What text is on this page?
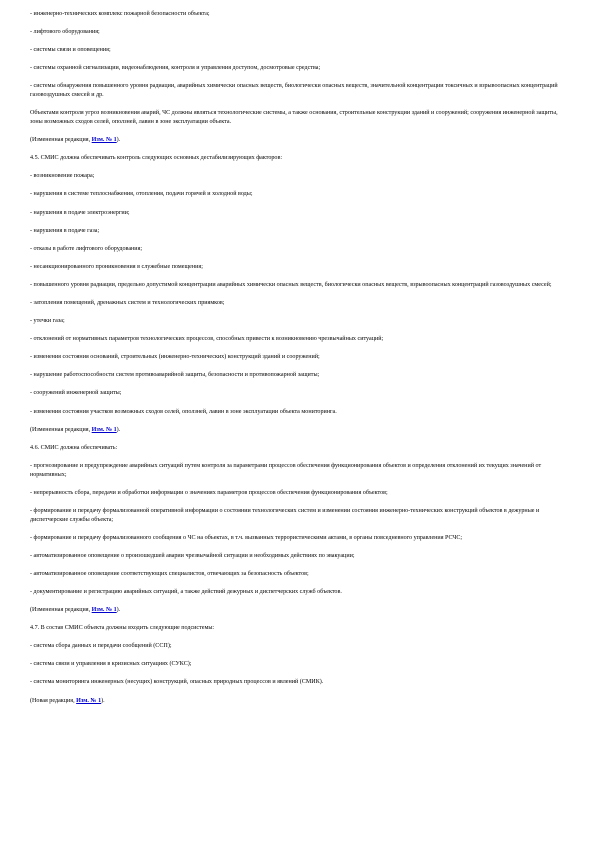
- инженерно-технических комплекс пожарной безопасности объекта;

- лифтового оборудования;

- системы связи и оповещения;

- системы охранной сигнализации, видеонаблюдения, контроля и управления доступом, досмотровые средства;

- системы обнаружения повышенного уровня радиации, аварийных химически опасных веществ, биологически опасных веществ, значительной концентрации токсичных и взрывоопасных концентраций газовоздушных смесей и др.

Объектами контроля угроз возникновения аварий, ЧС должны являться технологические системы, а также основания, строительные конструкции зданий и сооружений; сооружения инженерной защиты, зоны возможных сходов селей, оползней, лавин в зоне эксплуатации объекта.

(Измененная редакция, Изм. № 1).

4.5. СМИС должна обеспечивать контроль следующих основных дестабилизирующих факторов:

- возникновение пожара;

- нарушения в системе теплоснабжения, отопления, подачи горячей и холодной воды;

- нарушения в подаче электроэнергии;

- нарушения в подаче газа;

- отказы в работе лифтового оборудования;

- несанкционированного проникновения в служебные помещения;

- повышенного уровня радиации, предельно допустимой концентрации аварийных химически опасных веществ, биологически опасных веществ, взрывоопасных концентраций газовоздушных смесей;

- затопления помещений, дренажных систем и технологических приямков;

- утечки газа;

- отклонений от нормативных параметров технологических процессов, способных привести к возникновению чрезвычайных ситуаций;

- изменения состояния оснований, строительных (инженерно-технических) конструкций зданий и сооружений;

- нарушение работоспособности систем противоаварийной защиты, безопасности и противопожарной защиты;

- сооружений инженерной защиты;

- изменения состояния участков возможных сходов селей, оползней, лавин в зоне эксплуатации объекта мониторинга.

(Измененная редакция, Изм. № 1).

4.6. СМИС должна обеспечивать:

- прогнозирование и предупреждение аварийных ситуаций путем контроля за параметрами процессов обеспечения функционирования объектов и определения отклонений их текущих значений от нормативных;

- непрерывность сбора, передачи и обработки информации о значениях параметров процессов обеспечения функционирования объектов;

- формирование и передачу формализованной оперативной информации о состоянии технологических систем и изменении состояния инженерно-технических конструкций объектов в дежурные и диспетчерские службы объекта;

- формирование и передачу формализованного сообщения о ЧС на объектах, в т.ч. вызванных террористическими актами, в органы повседневного управления РСЧС;

- автоматизированное оповещение о произошедшей аварии чрезвычайной ситуации и необходимых действиях по эвакуации;

- автоматизированное оповещение соответствующих специалистов, отвечающих за безопасность объектов;

- документирование и регистрацию аварийных ситуаций, а также действий дежурных и диспетчерских служб объектов.

(Измененная редакция, Изм. № 1).

4.7. В состав СМИС объекта должны входить следующие подсистемы:

- система сбора данных и передачи сообщений (ССП);

- система связи и управления в кризисных ситуациях (СУКС);

- система мониторинга инженерных (несущих) конструкций, опасных природных процессов и явлений (СМИК).

(Новая редакция, Изм. № 1).
